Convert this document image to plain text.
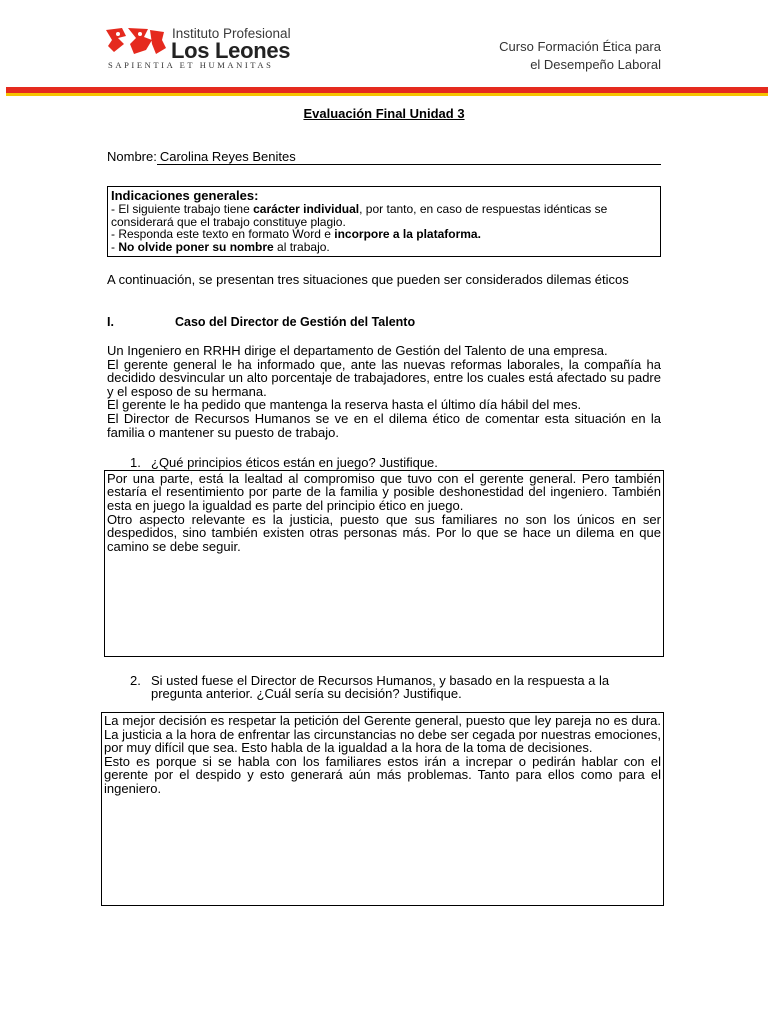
Instituto Profesional
Los Leones
SAPIENTIA ET HUMANITAS
Curso Formación Ética para
el Desempeño Laboral
Evaluación Final Unidad 3
Nombre: Carolina Reyes Benites
Indicaciones generales:
- El siguiente trabajo tiene carácter individual, por tanto, en caso de respuestas idénticas se considerará que el trabajo constituye plagio.
- Responda este texto en formato Word e incorpore a la plataforma.
- No olvide poner su nombre al trabajo.
A continuación, se presentan tres situaciones que pueden ser considerados dilemas éticos
I.	Caso del Director de Gestión del Talento
Un Ingeniero en RRHH dirige el departamento de Gestión del Talento de una empresa.
El gerente general le ha informado que, ante las nuevas reformas laborales, la compañía ha decidido desvincular un alto porcentaje de trabajadores, entre los cuales está afectado su padre y el esposo de su hermana.
El gerente le ha pedido que mantenga la reserva hasta el último día hábil del mes.
El Director de Recursos Humanos se ve en el dilema ético de comentar esta situación en la familia o mantener su puesto de trabajo.
1. ¿Qué principios éticos están en juego? Justifique.
Por una parte, está la lealtad al compromiso que tuvo con el gerente general. Pero también estaría el resentimiento por parte de la familia y posible deshonestidad del ingeniero. También esta en juego la igualdad es parte del principio ético en juego.
Otro aspecto relevante es la justicia, puesto que sus familiares no son los únicos en ser despedidos, sino también existen otras personas más. Por lo que se hace un dilema en que camino se debe seguir.
2. Si usted fuese el Director de Recursos Humanos, y basado en la respuesta a la pregunta anterior. ¿Cuál sería su decisión? Justifique.
La mejor decisión es respetar la petición del Gerente general, puesto que ley pareja no es dura. La justicia a la hora de enfrentar las circunstancias no debe ser cegada por nuestras emociones, por muy difícil que sea. Esto habla de la igualdad a la hora de la toma de decisiones.
Esto es porque si se habla con los familiares estos irán a increpar o pedirán hablar con el gerente por el despido y esto generará aún más problemas. Tanto para ellos como para el ingeniero.
